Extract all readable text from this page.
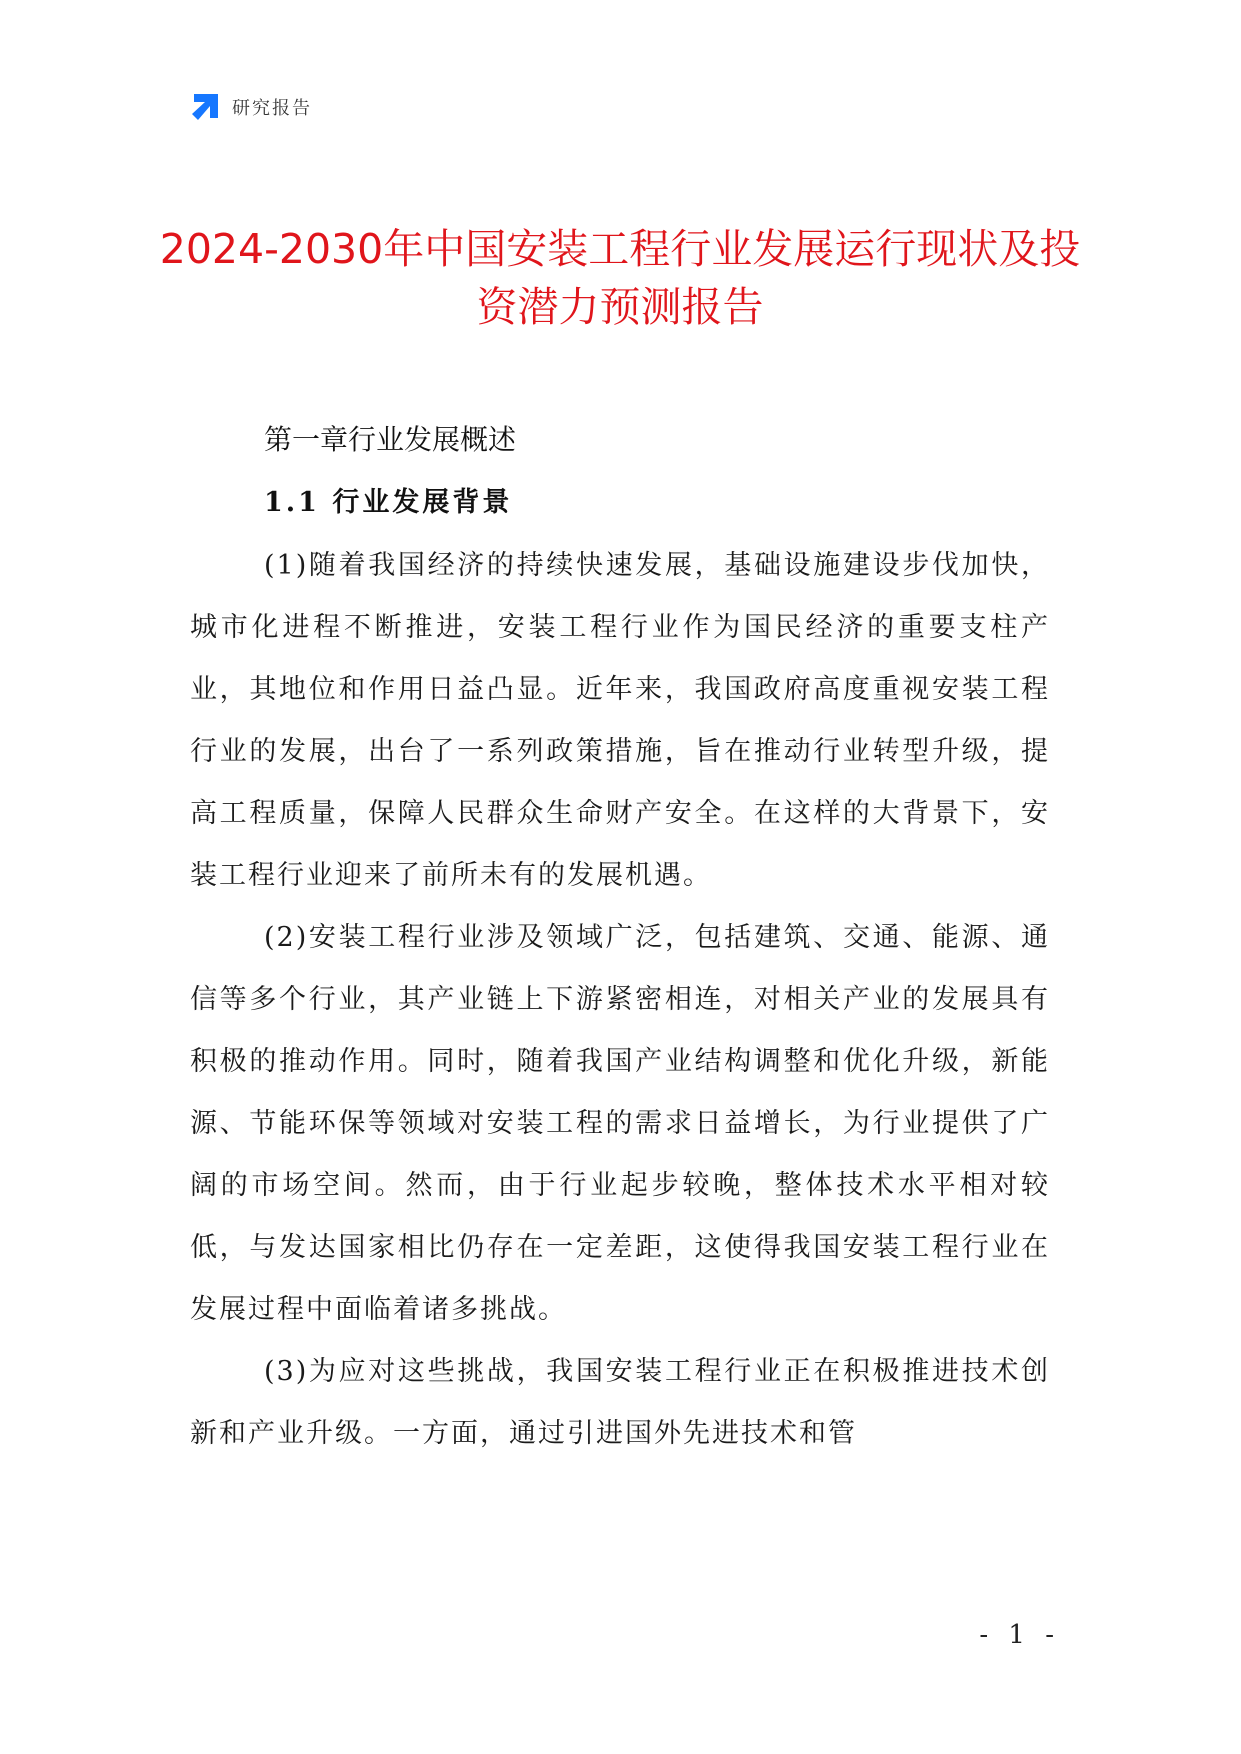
研究报告
2024-2030年中国安装工程行业发展运行现状及投资潜力预测报告
第一章行业发展概述
1.1 行业发展背景

(1)随着我国经济的持续快速发展，基础设施建设步伐加快，城市化进程不断推进，安装工程行业作为国民经济的重要支柱产业，其地位和作用日益凸显。近年来，我国政府高度重视安装工程行业的发展，出台了一系列政策措施，旨在推动行业转型升级，提高工程质量，保障人民群众生命财产安全。在这样的大背景下，安装工程行业迎来了前所未有的发展机遇。

(2)安装工程行业涉及领域广泛，包括建筑、交通、能源、通信等多个行业，其产业链上下游紧密相连，对相关产业的发展具有积极的推动作用。同时，随着我国产业结构调整和优化升级，新能源、节能环保等领域对安装工程的需求日益增长，为行业提供了广阔的市场空间。然而，由于行业起步较晚，整体技术水平相对较低，与发达国家相比仍存在一定差距，这使得我国安装工程行业在发展过程中面临着诸多挑战。

(3)为应对这些挑战，我国安装工程行业正在积极推进技术创新和产业升级。一方面，通过引进国外先进技术和管

- 1 -
